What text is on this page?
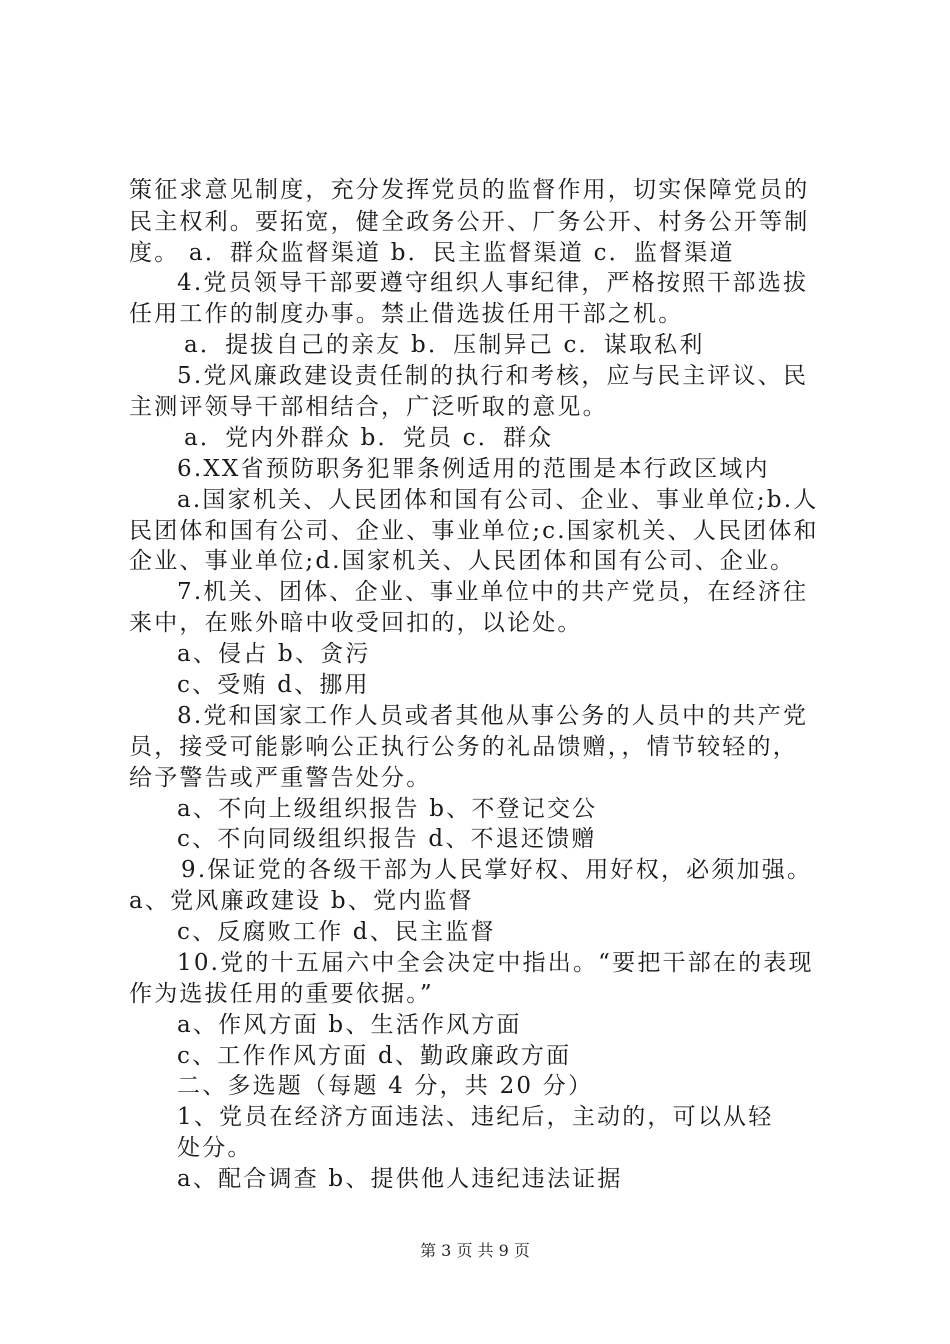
策征求意见制度，充分发挥党员的监督作用，切实保障党员的
民主权利。要拓宽，健全政务公开、厂务公开、村务公开等制
度。 a．群众监督渠道 b．民主监督渠道 c．监督渠道
4.党员领导干部要遵守组织人事纪律，严格按照干部选拔
任用工作的制度办事。禁止借选拔任用干部之机。
a．提拔自己的亲友 b．压制异己 c．谋取私利
5.党风廉政建设责任制的执行和考核，应与民主评议、民
主测评领导干部相结合，广泛听取的意见。
a．党内外群众 b．党员 c．群众
6.XX省预防职务犯罪条例适用的范围是本行政区域内
a.国家机关、人民团体和国有公司、企业、事业单位;b.人
民团体和国有公司、企业、事业单位;c.国家机关、人民团体和
企业、事业单位;d.国家机关、人民团体和国有公司、企业。
7.机关、团体、企业、事业单位中的共产党员，在经济往
来中，在账外暗中收受回扣的，以论处。
a、侵占 b、贪污
c、受贿 d、挪用
8.党和国家工作人员或者其他从事公务的人员中的共产党
员，接受可能影响公正执行公务的礼品馈赠，，情节较轻的，
给予警告或严重警告处分。
a、不向上级组织报告 b、不登记交公
c、不向同级组织报告 d、不退还馈赠
9.保证党的各级干部为人民掌好权、用好权，必须加强。
a、党风廉政建设 b、党内监督
c、反腐败工作 d、民主监督
10.党的十五届六中全会决定中指出。“要把干部在的表现
作为选拔任用的重要依据。”
a、作风方面 b、生活作风方面
c、工作作风方面 d、勤政廉政方面
二、多选题（每题 4 分，共 20 分）
1、党员在经济方面违法、违纪后，主动的，可以从轻
处分。
a、配合调查 b、提供他人违纪违法证据
第 3 页 共 9 页
